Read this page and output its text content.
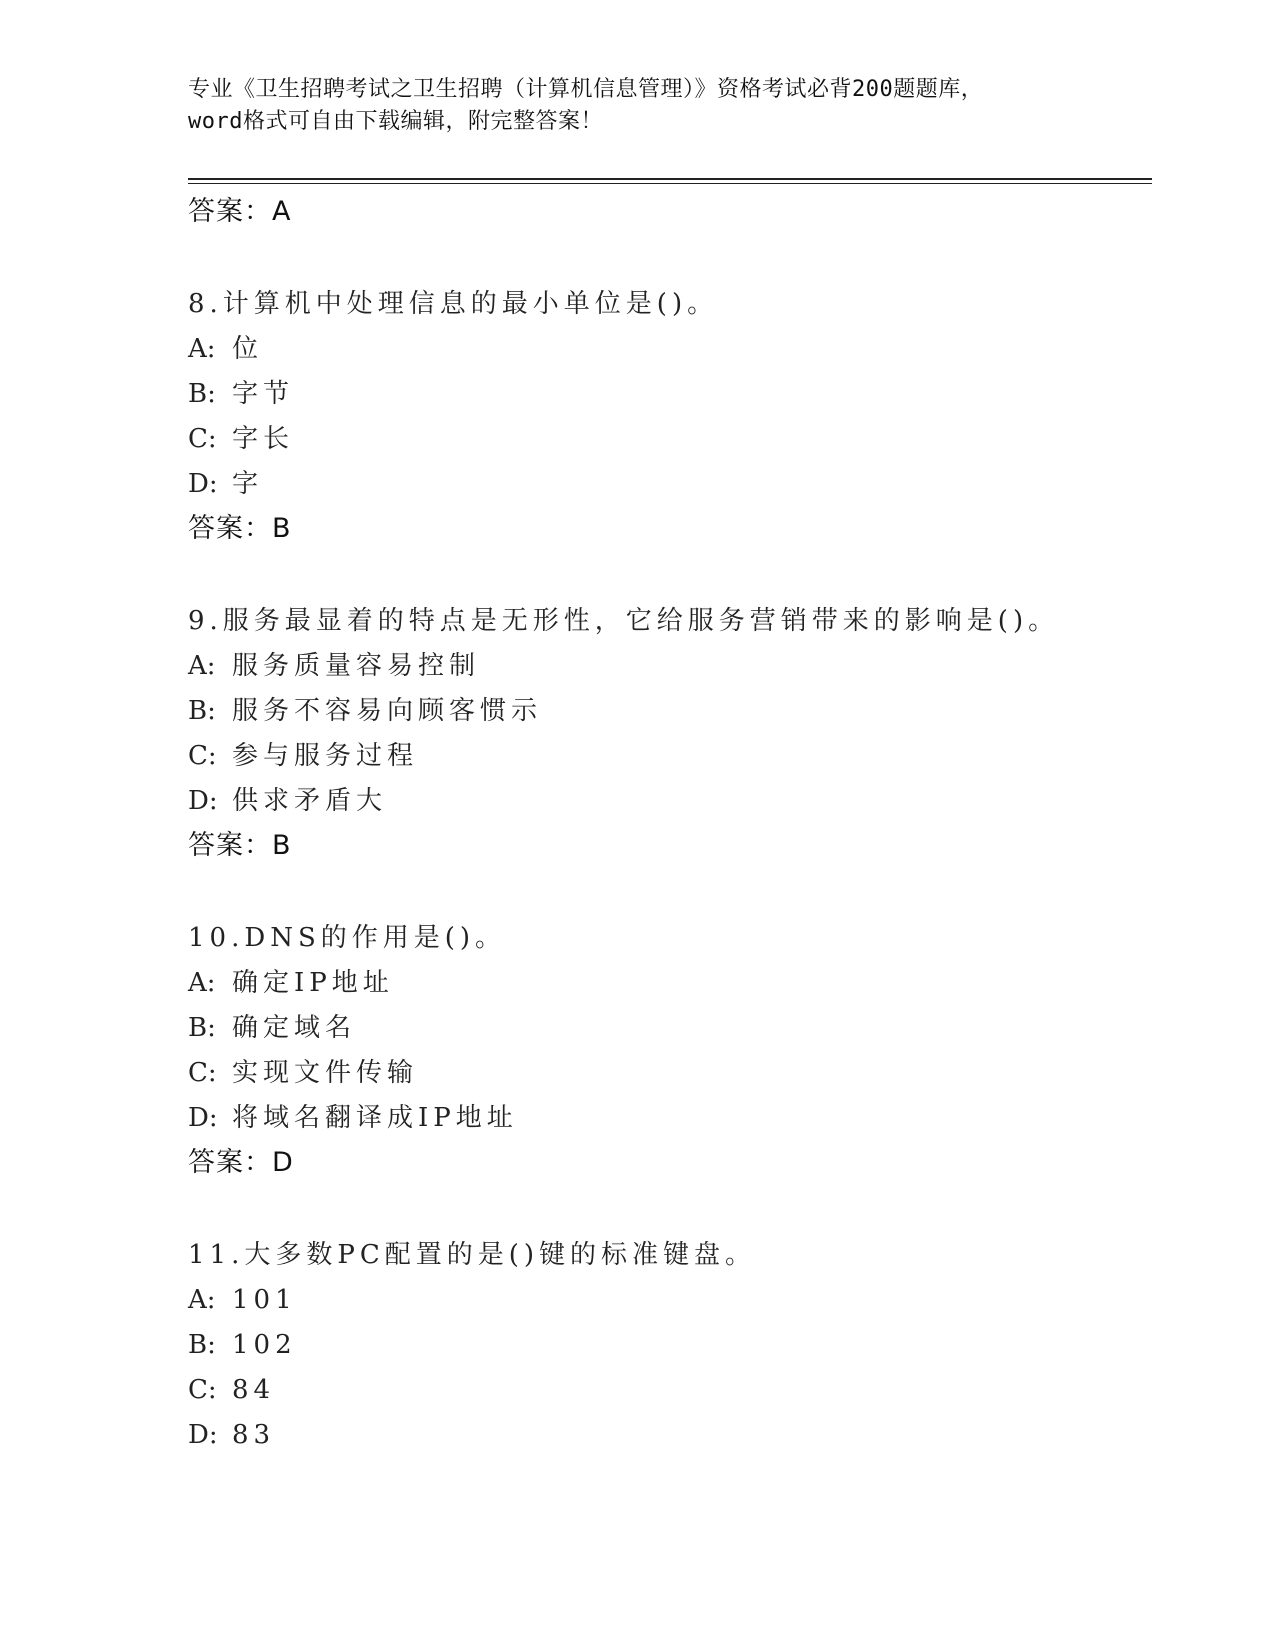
专业《卫生招聘考试之卫生招聘（计算机信息管理）》资格考试必背200题题库，
word格式可自由下载编辑，附完整答案！
答案：A
8.计算机中处理信息的最小单位是()。
A: 位
B: 字节
C: 字长
D: 字
答案：B
9.服务最显着的特点是无形性，它给服务营销带来的影响是()。
A: 服务质量容易控制
B: 服务不容易向顾客惯示
C: 参与服务过程
D: 供求矛盾大
答案：B
10.DNS的作用是()。
A: 确定IP地址
B: 确定域名
C: 实现文件传输
D: 将域名翻译成IP地址
答案：D
11.大多数PC配置的是()键的标准键盘。
A: 101
B: 102
C: 84
D: 83
